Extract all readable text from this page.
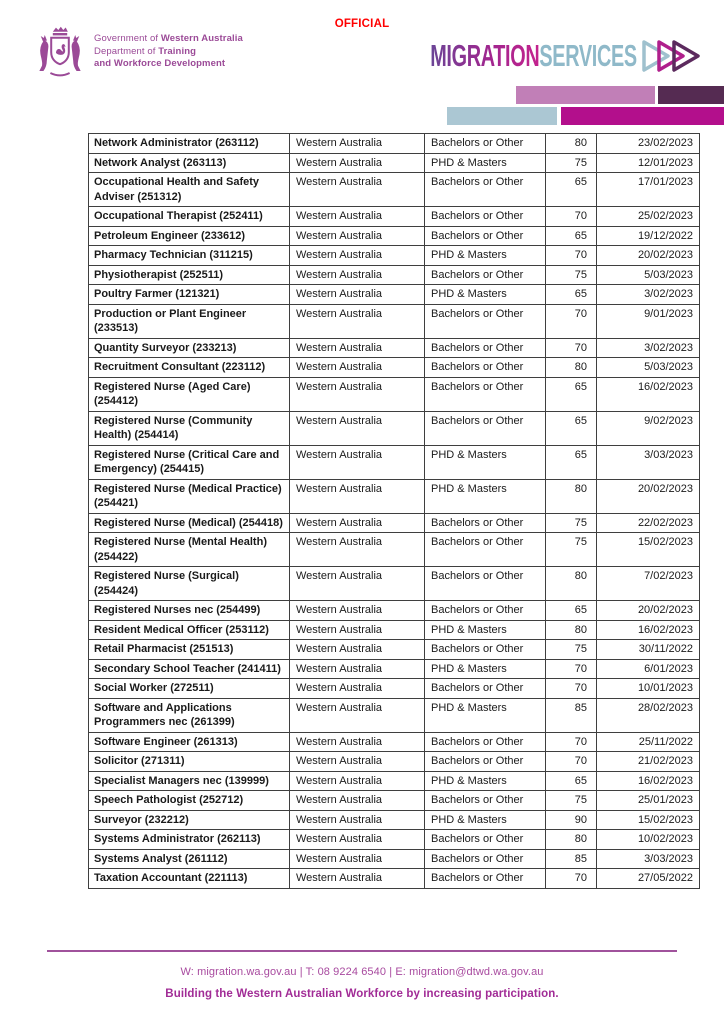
Government of Western Australia
Department of Training
and Workforce Development
OFFICIAL
MIGRATIONSERVICES
Network Administrator (263112)	Western Australia	Bachelors or Other	80	23/02/2023
Network Analyst (263113)	Western Australia	PHD & Masters	75	12/01/2023
Occupational Health and Safety Adviser (251312)	Western Australia	Bachelors or Other	65	17/01/2023
Occupational Therapist (252411)	Western Australia	Bachelors or Other	70	25/02/2023
Petroleum Engineer (233612)	Western Australia	Bachelors or Other	65	19/12/2022
Pharmacy Technician (311215)	Western Australia	PHD & Masters	70	20/02/2023
Physiotherapist (252511)	Western Australia	Bachelors or Other	75	5/03/2023
Poultry Farmer (121321)	Western Australia	PHD & Masters	65	3/02/2023
Production or Plant Engineer (233513)	Western Australia	Bachelors or Other	70	9/01/2023
Quantity Surveyor (233213)	Western Australia	Bachelors or Other	70	3/02/2023
Recruitment Consultant (223112)	Western Australia	Bachelors or Other	80	5/03/2023
Registered Nurse (Aged Care) (254412)	Western Australia	Bachelors or Other	65	16/02/2023
Registered Nurse (Community Health) (254414)	Western Australia	Bachelors or Other	65	9/02/2023
Registered Nurse (Critical Care and Emergency) (254415)	Western Australia	PHD & Masters	65	3/03/2023
Registered Nurse (Medical Practice) (254421)	Western Australia	PHD & Masters	80	20/02/2023
Registered Nurse (Medical) (254418)	Western Australia	Bachelors or Other	75	22/02/2023
Registered Nurse (Mental Health) (254422)	Western Australia	Bachelors or Other	75	15/02/2023
Registered Nurse (Surgical) (254424)	Western Australia	Bachelors or Other	80	7/02/2023
Registered Nurses nec (254499)	Western Australia	Bachelors or Other	65	20/02/2023
Resident Medical Officer (253112)	Western Australia	PHD & Masters	80	16/02/2023
Retail Pharmacist (251513)	Western Australia	Bachelors or Other	75	30/11/2022
Secondary School Teacher (241411)	Western Australia	PHD & Masters	70	6/01/2023
Social Worker (272511)	Western Australia	Bachelors or Other	70	10/01/2023
Software and Applications Programmers nec (261399)	Western Australia	PHD & Masters	85	28/02/2023
Software Engineer (261313)	Western Australia	Bachelors or Other	70	25/11/2022
Solicitor (271311)	Western Australia	Bachelors or Other	70	21/02/2023
Specialist Managers nec (139999)	Western Australia	PHD & Masters	65	16/02/2023
Speech Pathologist (252712)	Western Australia	Bachelors or Other	75	25/01/2023
Surveyor (232212)	Western Australia	PHD & Masters	90	15/02/2023
Systems Administrator (262113)	Western Australia	Bachelors or Other	80	10/02/2023
Systems Analyst (261112)	Western Australia	Bachelors or Other	85	3/03/2023
Taxation Accountant (221113)	Western Australia	Bachelors or Other	70	27/05/2022
W: migration.wa.gov.au | T: 08 9224 6540 | E: migration@dtwd.wa.gov.au
Building the Western Australian Workforce by increasing participation.
